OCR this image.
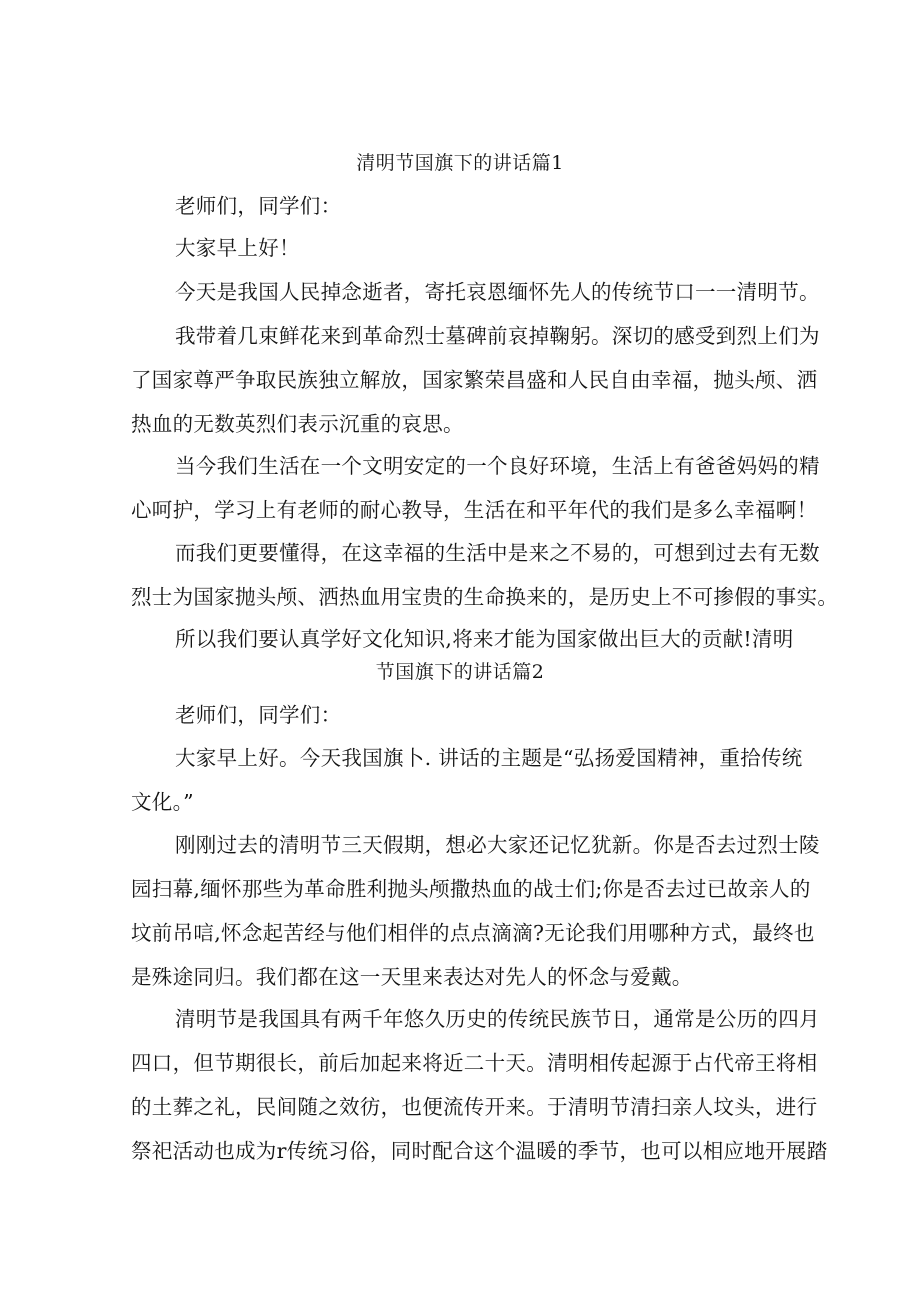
清明节国旗下的讲话篇1
老师们，同学们：
大家早上好！
今天是我国人民掉念逝者，寄托哀恩缅怀先人的传统节口一一清明节。
我带着几束鲜花来到革命烈士墓碑前哀掉鞠躬。深切的感受到烈上们为
了国家尊严争取民族独立解放，国家繁荣昌盛和人民自由幸福，抛头颅、洒
热血的无数英烈们表示沉重的哀思。
当今我们生活在一个文明安定的一个良好环境，生活上有爸爸妈妈的精
心呵护，学习上有老师的耐心教导，生活在和平年代的我们是多么幸福啊！
而我们更要懂得，在这幸福的生活中是来之不易的，可想到过去有无数
烈士为国家抛头颅、洒热血用宝贵的生命换来的，是历史上不可掺假的事实。
所以我们要认真学好文化知识,将来才能为国家做出巨大的贡献!清明
节国旗下的讲话篇2
老师们，同学们：
大家早上好。今天我国旗卜. 讲话的主题是“弘扬爱国精神，重拾传统
文化。”
刚刚过去的清明节三天假期，想必大家还记忆犹新。你是否去过烈士陵
园扫幕,缅怀那些为革命胜利抛头颅撒热血的战士们;你是否去过已故亲人的
坟前吊唁,怀念起苦经与他们相伴的点点滴滴?无论我们用哪种方式，最终也
是殊途同归。我们都在这一天里来表达对先人的怀念与爱戴。
清明节是我国具有两千年悠久历史的传统民族节日，通常是公历的四月
四口，但节期很长，前后加起来将近二十天。清明相传起源于占代帝王将相
的土葬之礼，民间随之效彷，也便流传开来。于清明节清扫亲人坟头，进行
祭祀活动也成为r传统习俗，同时配合这个温暖的季节，也可以相应地开展踏
